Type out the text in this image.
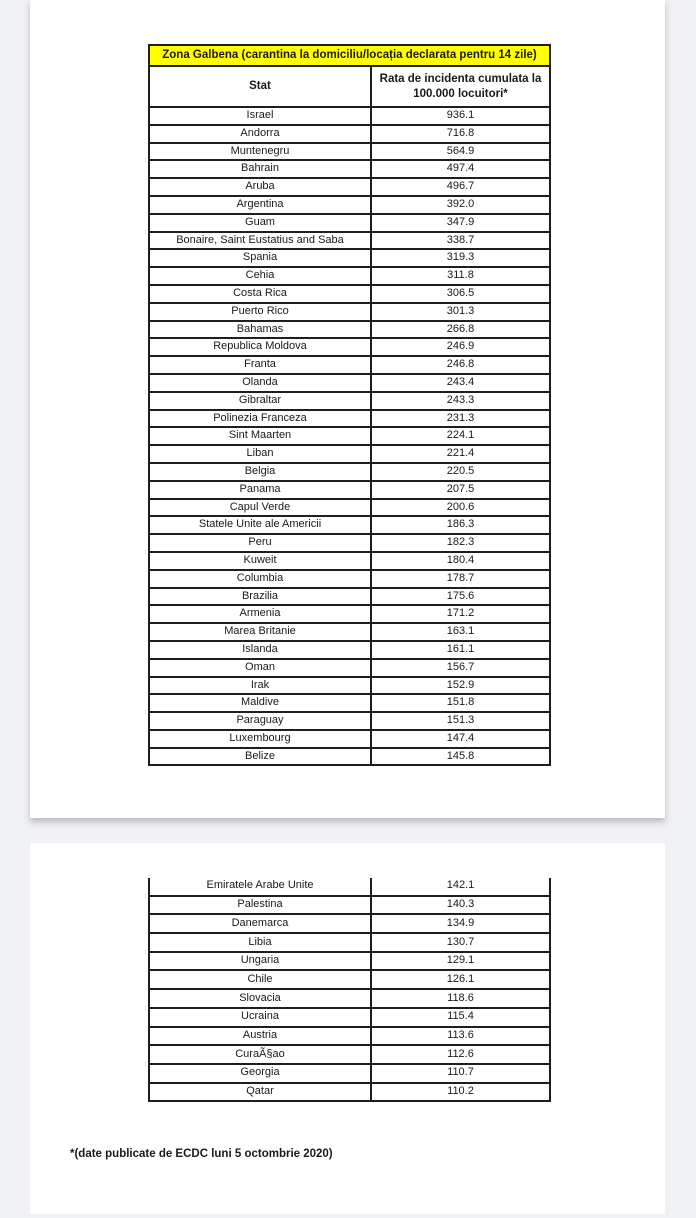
Zona Galbena (carantina la domiciliu/locația declarata pentru 14 zile)	
Stat	Rata de incidenta cumulata la
100.000 locuitori*

Israel	936.1
Andorra	716.8
Muntenegru	564.9
Bahrain	497.4
Aruba	496.7
Argentina	392.0
Guam	347.9
Bonaire, Saint Eustatius and Saba	338.7
Spania	319.3
Cehia	311.8
Costa Rica	306.5
Puerto Rico	301.3
Bahamas	266.8
Republica Moldova	246.9
Franta	246.8
Olanda	243.4
Gibraltar	243.3
Polinezia Franceza	231.3
Sint Maarten	224.1
Liban	221.4
Belgia	220.5
Panama	207.5
Capul Verde	200.6
Statele Unite ale Americii	186.3
Peru	182.3
Kuweit	180.4
Columbia	178.7
Brazilia	175.6
Armenia	171.2
Marea Britanie	163.1
Islanda	161.1
Oman	156.7
Irak	152.9
Maldive	151.8
Paraguay	151.3
Luxembourg	147.4
Belize	145.8
Emiratele Arabe Unite	142.1
Palestina	140.3
Danemarca	134.9
Libia	130.7
Ungaria	129.1
Chile	126.1
Slovacia	118.6
Ucraina	115.4
Austria	113.6
CuraÃ§ao	112.6
Georgia	110.7
Qatar	110.2
*(date publicate de ECDC luni 5 octombrie 2020)
